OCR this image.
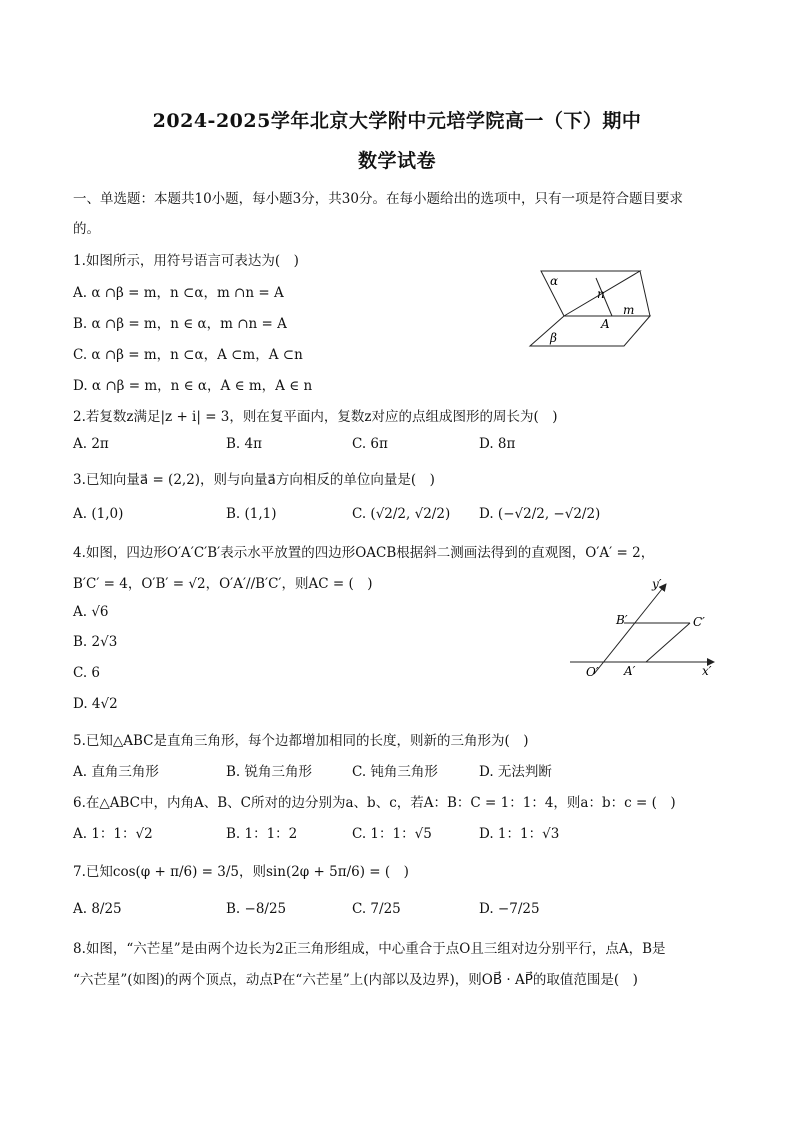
2024-2025学年北京大学附中元培学院高一（下）期中
数学试卷
一、单选题：本题共10小题，每小题3分，共30分。在每小题给出的选项中，只有一项是符合题目要求
的。
1.如图所示，用符号语言可表达为(　)
A. α ∩β = m，n ⊂α，m ∩n = A
B. α ∩β = m，n ∈ α，m ∩n = A
C. α ∩β = m，n ⊂α，A ⊂m，A ⊂n
D. α ∩β = m，n ∈ α，A ∈ m，A ∈ n
α
n
A
m
β
2.若复数z满足|z + i| = 3，则在复平面内，复数z对应的点组成图形的周长为(　)
A. 2π	B. 4π	C. 6π	D. 8π
3.已知向量a⃗ = (2,2)，则与向量a⃗方向相反的单位向量是(　)
A. (1,0)	B. (1,1)	C. (√2/2, √2/2) D. (−√2/2, −√2/2)
4.如图，四边形O′A′C′B′表示水平放置的四边形OACB根据斜二测画法得到的直观图，O′A′ = 2，
B′C′ = 4，O′B′ = √2，O′A′//B′C′，则AC = (　)
A. √6
B. 2√3
C. 6
D. 4√2
y′
B′	C′
O′ A′	x′
5.已知△ABC是直角三角形，每个边都增加相同的长度，则新的三角形为(　)
A. 直角三角形	B. 锐角三角形	C. 钝角三角形	D. 无法判断
6.在△ABC中，内角A、B、C所对的边分别为a、b、c，若A：B：C = 1：1：4，则a：b：c = (　)
A. 1：1：√2	B. 1：1：2	C. 1：1：√5	D. 1：1：√3
7.已知cos(φ + π/6) = 3/5，则sin(2φ + 5π/6) = (　)
A. 8/25	B. −8/25	C. 7/25	D. −7/25
8.如图，“六芒星”是由两个边长为2正三角形组成，中心重合于点O且三组对边分别平行，点A，B是
“六芒星”(如图)的两个顶点，动点P在“六芒星”上(内部以及边界)，则OB⃗ · AP⃗的取值范围是(　)
